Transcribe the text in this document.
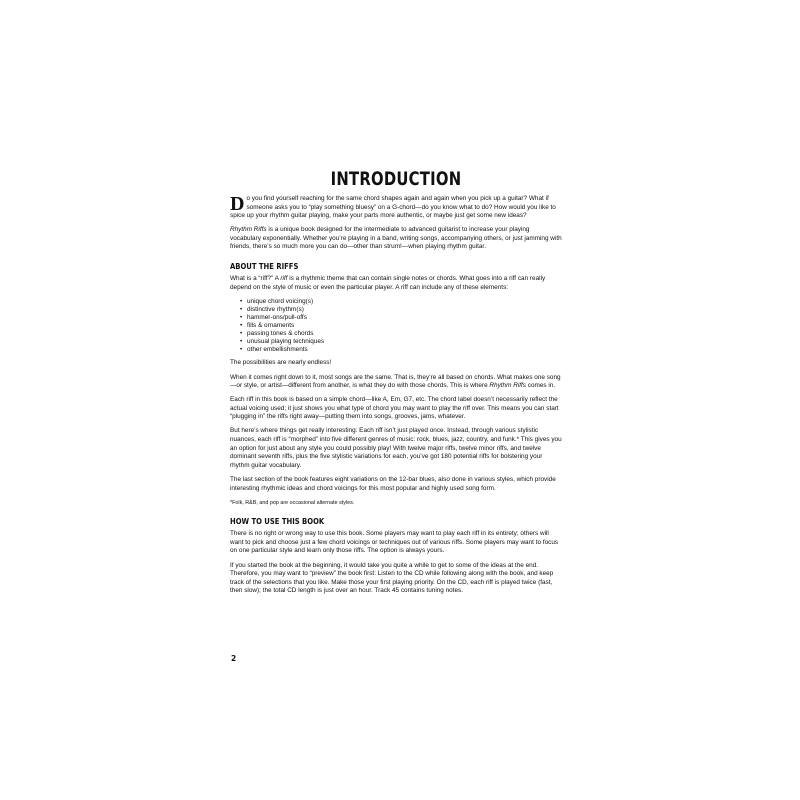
INTRODUCTION

Do you find yourself reaching for the same chord shapes again and again when you pick up a guitar? What if someone asks you to “play something bluesy” on a G-chord—do you know what to do? How would you like to spice up your rhythm guitar playing, make your parts more authentic, or maybe just get some new ideas?

Rhythm Riffs is a unique book designed for the intermediate to advanced guitarist to increase your playing vocabulary exponentially. Whether you’re playing in a band, writing songs, accompanying others, or just jamming with friends, there’s so much more you can do—other than strum!—when playing rhythm guitar.

ABOUT THE RIFFS

What is a “riff?” A riff is a rhythmic theme that can contain single notes or chords. What goes into a riff can really depend on the style of music or even the particular player. A riff can include any of these elements:

• unique chord voicing(s)
• distinctive rhythm(s)
• hammer-ons/pull-offs
• fills & ornaments
• passing tones & chords
• unusual playing techniques
• other embellishments

The possibilities are nearly endless!

When it comes right down to it, most songs are the same. That is, they’re all based on chords. What makes one song—or style, or artist—different from another, is what they do with those chords. This is where Rhythm Riffs comes in.

Each riff in this book is based on a simple chord—like A, Em, G7, etc. The chord label doesn’t necessarily reflect the actual voicing used; it just shows you what type of chord you may want to play the riff over. This means you can start “plugging in” the riffs right away—putting them into songs, grooves, jams, whatever.

But here’s where things get really interesting: Each riff isn’t just played once. Instead, through various stylistic nuances, each riff is “morphed” into five different genres of music: rock, blues, jazz, country, and funk.* This gives you an option for just about any style you could possibly play! With twelve major riffs, twelve minor riffs, and twelve dominant seventh riffs, plus the five stylistic variations for each, you’ve got 180 potential riffs for bolstering your rhythm guitar vocabulary.

The last section of the book features eight variations on the 12-bar blues, also done in various styles, which provide interesting rhythmic ideas and chord voicings for this most popular and highly used song form.

*Folk, R&B, and pop are occasional alternate styles.

HOW TO USE THIS BOOK

There is no right or wrong way to use this book. Some players may want to play each riff in its entirety; others will want to pick and choose just a few chord voicings or techniques out of various riffs. Some players may want to focus on one particular style and learn only those riffs. The option is always yours.

If you started the book at the beginning, it would take you quite a while to get to some of the ideas at the end. Therefore, you may want to “preview” the book first: Listen to the CD while following along with the book, and keep track of the selections that you like. Make those your first playing priority. On the CD, each riff is played twice (fast, then slow); the total CD length is just over an hour. Track 45 contains tuning notes.

2
